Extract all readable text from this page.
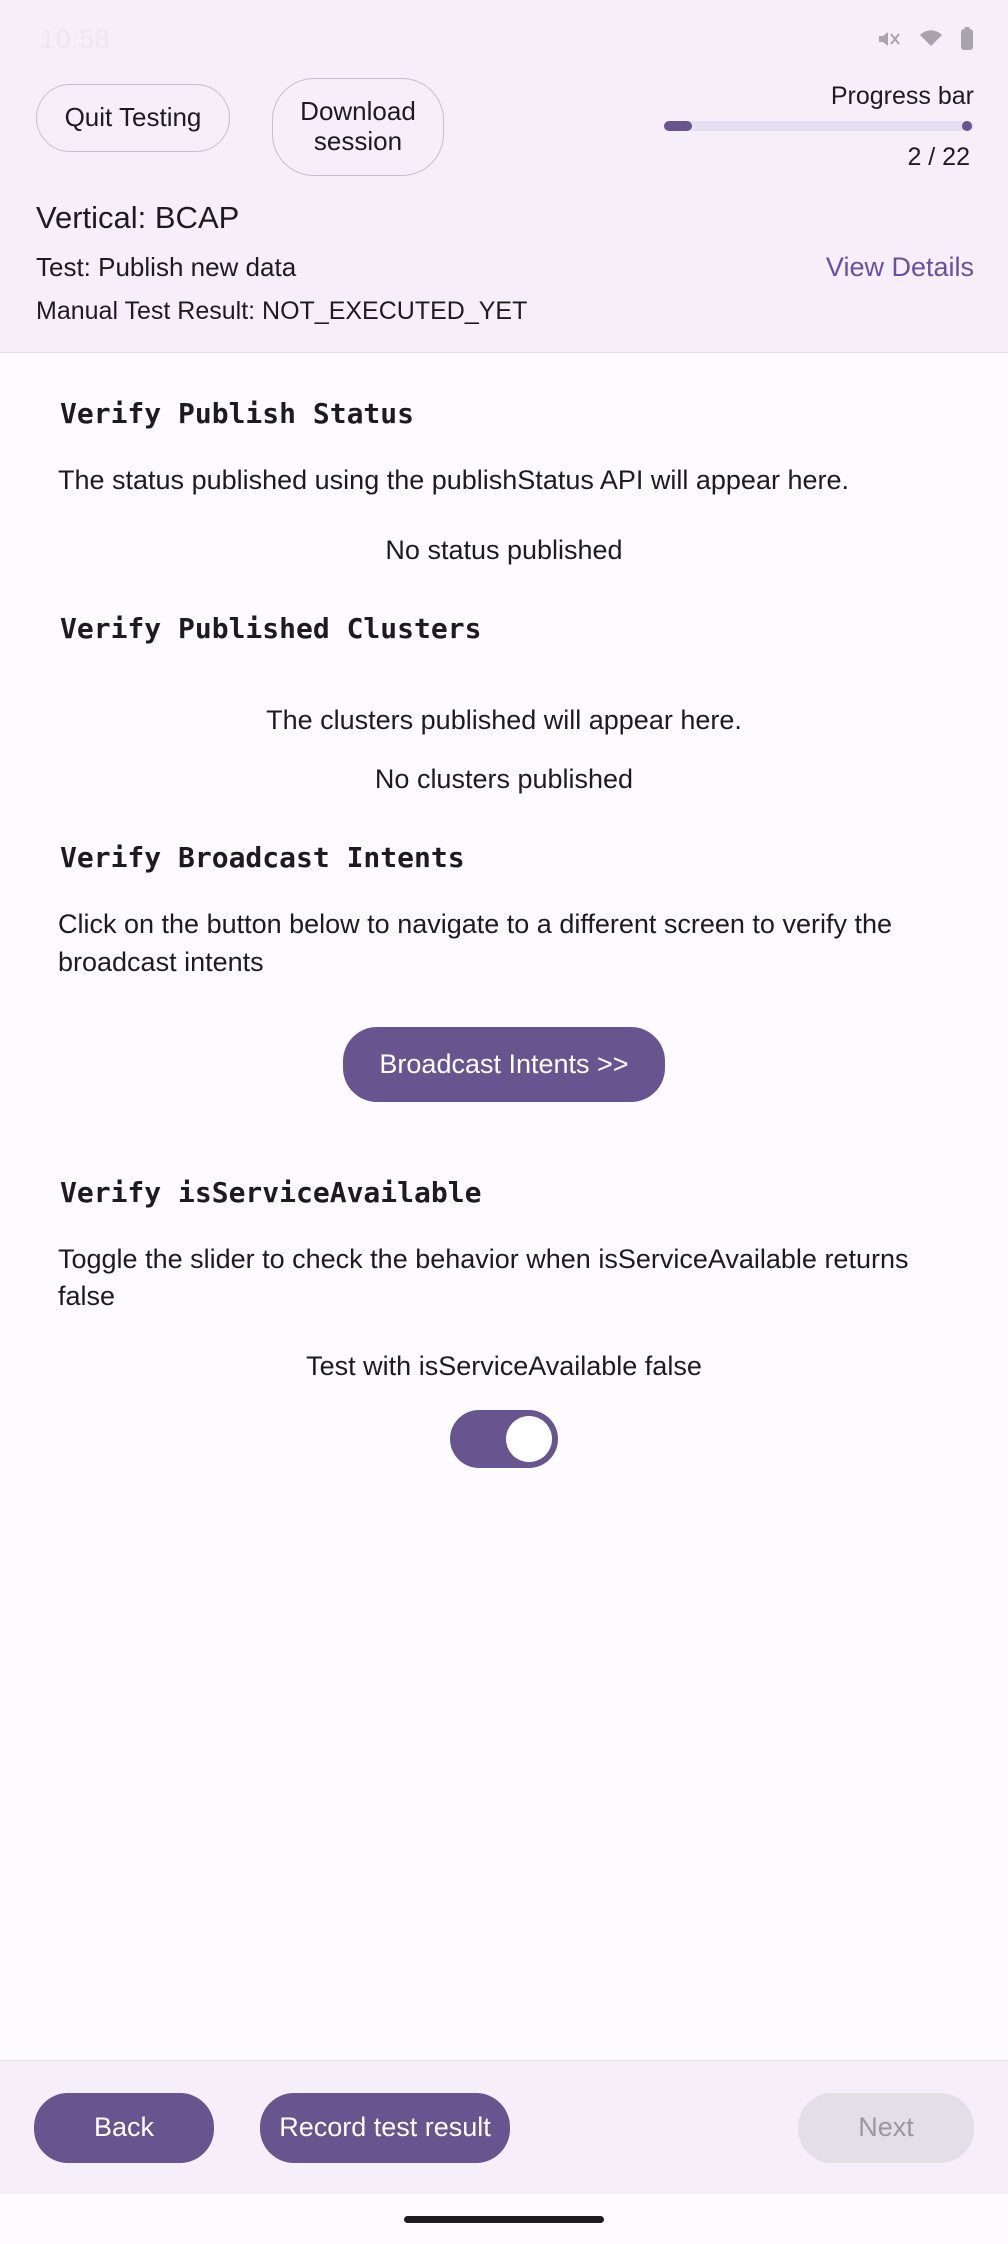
10:58
Quit Testing	Download session
Progress bar
2 / 22
Vertical: BCAP
Test: Publish new data	View Details
Manual Test Result: NOT_EXECUTED_YET
Verify Publish Status
The status published using the publishStatus API will appear here.
No status published
Verify Published Clusters
The clusters published will appear here.
No clusters published
Verify Broadcast Intents
Click on the button below to navigate to a different screen to verify the broadcast intents
Broadcast Intents >>
Verify isServiceAvailable
Toggle the slider to check the behavior when isServiceAvailable returns false
Test with isServiceAvailable false
Back	Record test result	Next
